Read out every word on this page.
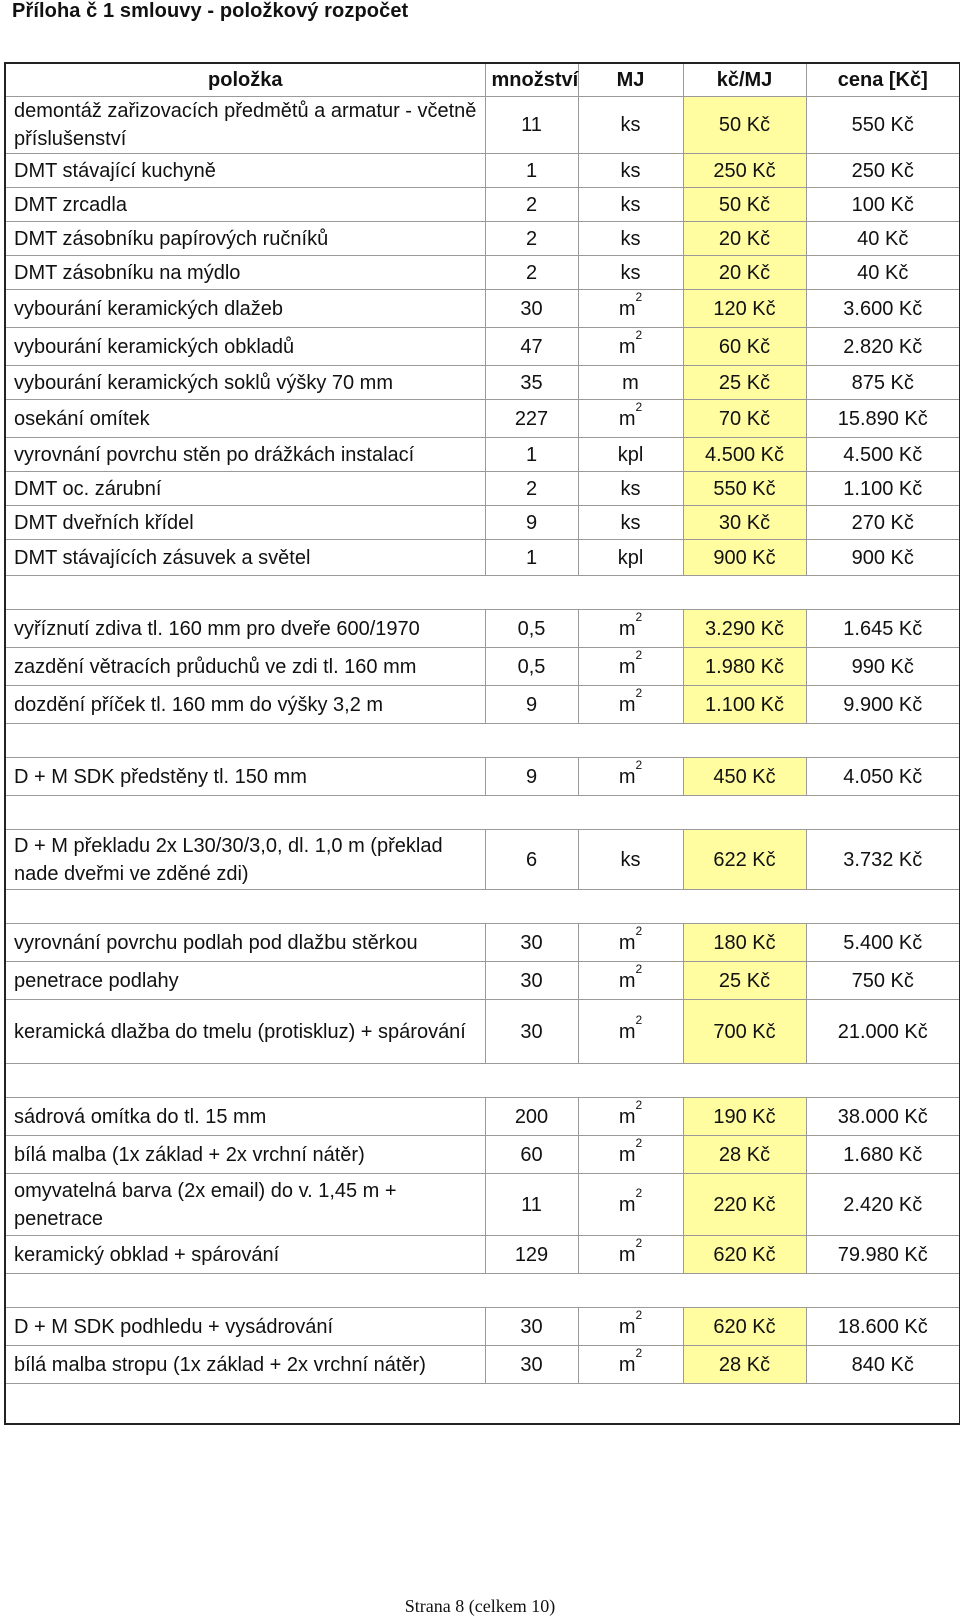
Příloha č 1 smlouvy - položkový rozpočet
položka	množství	MJ	kč/MJ	cena [Kč]
demontáž zařizovacích předmětů a armatur - včetně příslušenství	11	ks	50 Kč	550 Kč
DMT stávající kuchyně	1	ks	250 Kč	250 Kč
DMT zrcadla	2	ks	50 Kč	100 Kč
DMT zásobníku papírových ručníků	2	ks	20 Kč	40 Kč
DMT zásobníku na mýdlo	2	ks	20 Kč	40 Kč
vybourání keramických dlažeb	30	$m^2$	120 Kč	3.600 Kč
vybourání keramických obkladů	47	$m^2$	60 Kč	2.820 Kč
vybourání keramických soklů výšky 70 mm	35	m	25 Kč	875 Kč
osekání omítek	227	$m^2$	70 Kč	15.890 Kč
vyrovnání povrchu stěn po drážkách instalací	1	kpl	4.500 Kč	4.500 Kč
DMT oc. zárubní	2	ks	550 Kč	1.100 Kč
DMT dveřních křídel	9	ks	30 Kč	270 Kč
DMT stávajících zásuvek a světel	1	kpl	900 Kč	900 Kč

vyříznutí zdiva tl. 160 mm pro dveře 600/1970	0,5	$m^2$	3.290 Kč	1.645 Kč
zazdění větracích průduchů ve zdi tl. 160 mm	0,5	$m^2$	1.980 Kč	990 Kč
dozdění příček tl. 160 mm do výšky 3,2 m	9	$m^2$	1.100 Kč	9.900 Kč

D + M SDK předstěny tl. 150 mm	9	$m^2$	450 Kč	4.050 Kč

D + M překladu 2x L30/30/3,0, dl. 1,0 m (překlad nade dveřmi ve zděné zdi)	6	ks	622 Kč	3.732 Kč

vyrovnání povrchu podlah pod dlažbu stěrkou	30	$m^2$	180 Kč	5.400 Kč
penetrace podlahy	30	$m^2$	25 Kč	750 Kč
keramická dlažba do tmelu (protiskluz) + spárování	30	$m^2$	700 Kč	21.000 Kč

sádrová omítka do tl. 15 mm	200	$m^2$	190 Kč	38.000 Kč
bílá malba (1x základ + 2x vrchní nátěr)	60	$m^2$	28 Kč	1.680 Kč
omyvatelná barva (2x email) do v. 1,45 m + penetrace	11	$m^2$	220 Kč	2.420 Kč
keramický obklad + spárování	129	$m^2$	620 Kč	79.980 Kč

D + M SDK podhledu + vysádrování	30	$m^2$	620 Kč	18.600 Kč
bílá malba stropu (1x základ + 2x vrchní nátěr)	30	$m^2$	28 Kč	840 Kč

Strana 8 (celkem 10)
